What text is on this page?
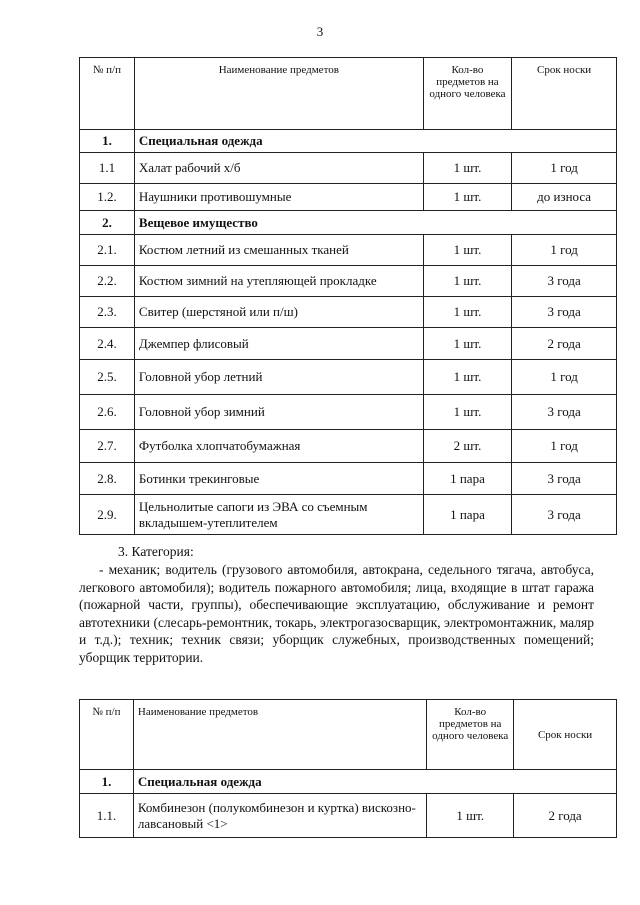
3
№ п/п	Наименование предметов	Кол-во предметов на одного человека	Срок носки
1.	Специальная одежда		
1.1	Халат рабочий х/б	1 шт.	1 год
1.2.	Наушники противошумные	1 шт.	до износа
2.	Вещевое имущество		
2.1.	Костюм летний из смешанных тканей	1 шт.	1 год
2.2.	Костюм зимний на утепляющей прокладке	1 шт.	3 года
2.3.	Свитер (шерстяной или п/ш)	1 шт.	3 года
2.4.	Джемпер флисовый	1 шт.	2 года
2.5.	Головной убор летний	1 шт.	1 год
2.6.	Головной убор зимний	1 шт.	3 года
2.7.	Футболка хлопчатобумажная	2 шт.	1 год
2.8.	Ботинки трекинговые	1 пара	3 года
2.9.	Цельнолитые сапоги из ЭВА со съемным вкладышем-утеплителем	1 пара	3 года
3. Категория:
- механик; водитель (грузового автомобиля, автокрана, седельного тягача, автобуса, легкового автомобиля); водитель пожарного автомобиля; лица, входящие в штат гаража (пожарной части, группы), обеспечивающие эксплуатацию, обслуживание и ремонт автотехники (слесарь-ремонтник, токарь, электрогазосварщик, электромонтажник, маляр и т.д.); техник; техник связи; уборщик служебных, производственных помещений; уборщик территории.
№ п/п	Наименование предметов	Кол-во предметов на одного человека	Срок носки
1.	Специальная одежда		
1.1.	Комбинезон (полукомбинезон и куртка) вискозно-лавсановый <1>	1 шт.	2 года
